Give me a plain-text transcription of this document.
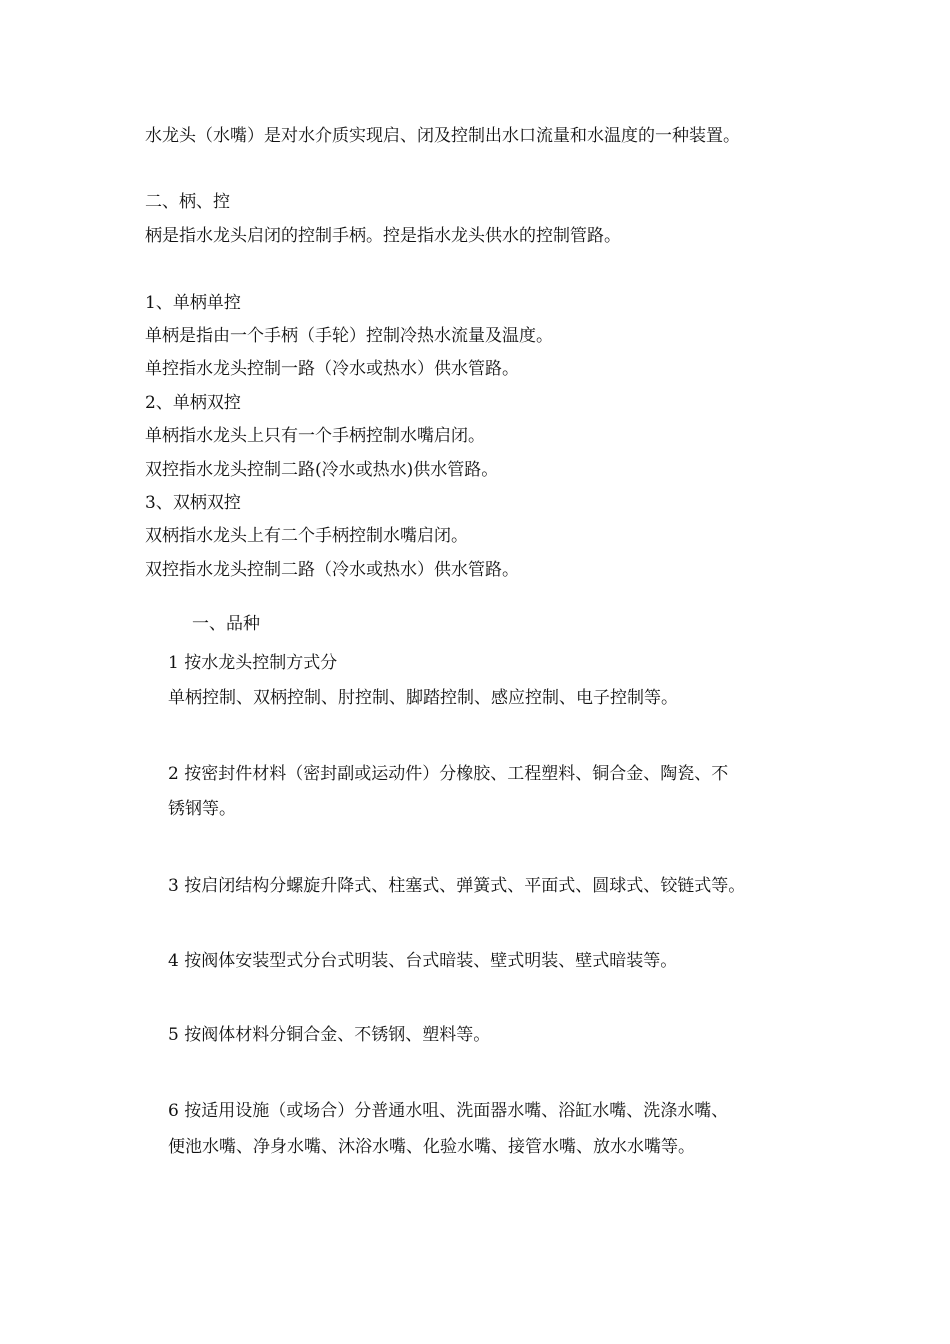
水龙头（水嘴）是对水介质实现启、闭及控制出水口流量和水温度的一种装置。
二、柄、控
柄是指水龙头启闭的控制手柄。控是指水龙头供水的控制管路。
1、单柄单控
单柄是指由一个手柄（手轮）控制冷热水流量及温度。
单控指水龙头控制一路（冷水或热水）供水管路。
2、单柄双控
单柄指水龙头上只有一个手柄控制水嘴启闭。
双控指水龙头控制二路(冷水或热水)供水管路。
3、双柄双控
双柄指水龙头上有二个手柄控制水嘴启闭。
双控指水龙头控制二路（冷水或热水）供水管路。
一、品种
1 按水龙头控制方式分
单柄控制、双柄控制、肘控制、脚踏控制、感应控制、电子控制等。
2 按密封件材料（密封副或运动件）分橡胶、工程塑料、铜合金、陶瓷、不
锈钢等。
3 按启闭结构分螺旋升降式、柱塞式、弹簧式、平面式、圆球式、铰链式等。
4 按阀体安装型式分台式明装、台式暗装、壁式明装、壁式暗装等。
5 按阀体材料分铜合金、不锈钢、塑料等。
6 按适用设施（或场合）分普通水咀、洗面器水嘴、浴缸水嘴、洗涤水嘴、
便池水嘴、净身水嘴、沐浴水嘴、化验水嘴、接管水嘴、放水水嘴等。
